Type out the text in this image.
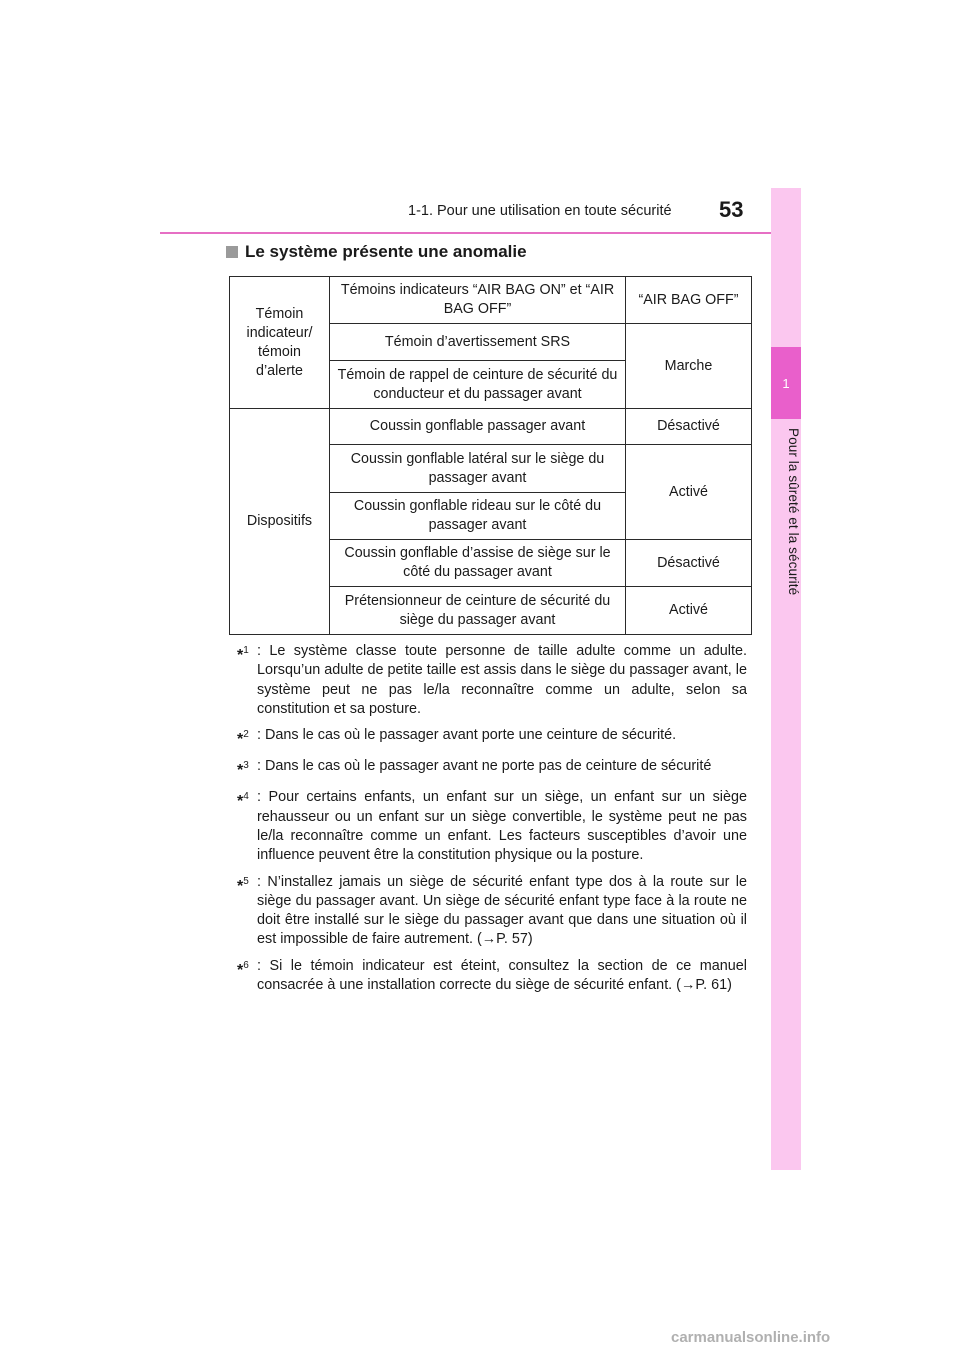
1-1. Pour une utilisation en toute sécurité 53
1
Pour la sûreté et la sécurité
Le système présente une anomalie
Témoin indicateur/ témoin d’alerte	Témoins indicateurs “AIR BAG ON” et “AIR BAG OFF”	“AIR BAG OFF”
	Témoin d’avertissement SRS	Marche
	Témoin de rappel de ceinture de sécurité du conducteur et du passager avant	
Dispositifs	Coussin gonflable passager avant	Désactivé
	Coussin gonflable latéral sur le siège du passager avant	Activé
	Coussin gonflable rideau sur le côté du passager avant	
	Coussin gonflable d’assise de siège sur le côté du passager avant	Désactivé
	Prétensionneur de ceinture de sécurité du siège du passager avant	Activé
*$^1$ : Le système classe toute personne de taille adulte comme un adulte. Lorsqu’un adulte de petite taille est assis dans le siège du passager avant, le système peut ne pas le/la reconnaître comme un adulte, selon sa constitution et sa posture.
*$^2$ : Dans le cas où le passager avant porte une ceinture de sécurité.
*$^3$ : Dans le cas où le passager avant ne porte pas de ceinture de sécurité
*$^4$ : Pour certains enfants, un enfant sur un siège, un enfant sur un siège rehausseur ou un enfant sur un siège convertible, le système peut ne pas le/la reconnaître comme un enfant. Les facteurs susceptibles d’avoir une influence peuvent être la constitution physique ou la posture.
*$^5$ : N’installez jamais un siège de sécurité enfant type dos à la route sur le siège du passager avant. Un siège de sécurité enfant type face à la route ne doit être installé sur le siège du passager avant que dans une situation où il est impossible de faire autrement. (→P. 57)
*$^6$ : Si le témoin indicateur est éteint, consultez la section de ce manuel consacrée à une installation correcte du siège de sécurité enfant. (→P. 61)
carmanualsonline.info
